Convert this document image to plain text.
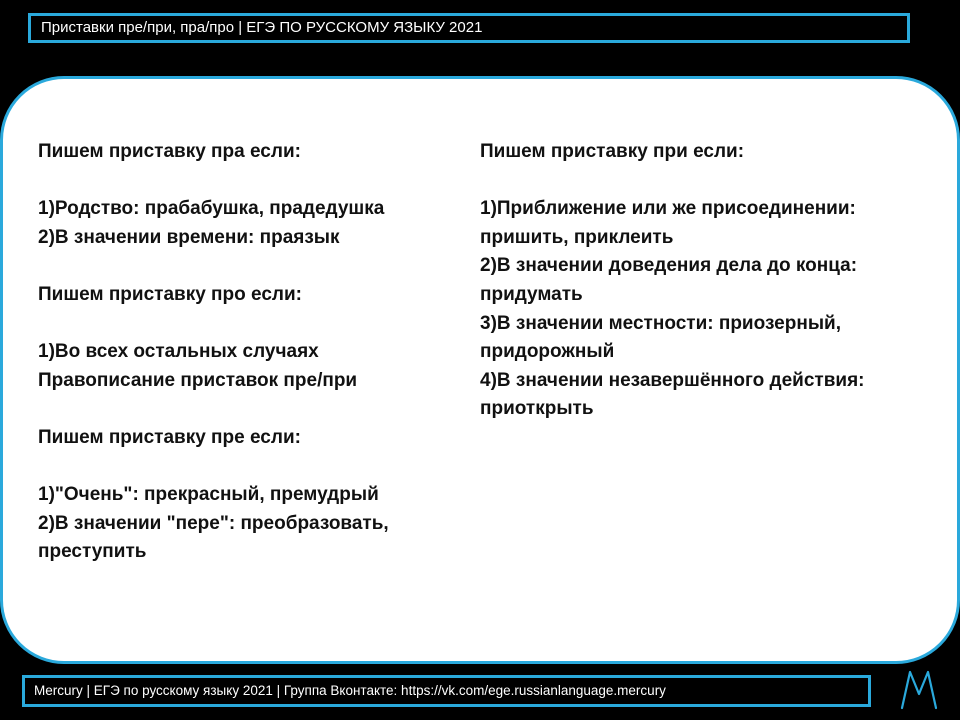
Приставки пре/при, пра/про | ЕГЭ ПО РУССКОМУ ЯЗЫКУ 2021
Пишем приставку пра если:
1)Родство: прабабушка, прадедушка
2)В значении времени: праязык
Пишем приставку про если:
1)Во всех остальных случаях
Правописание приставок пре/при
Пишем приставку пре если:
1)"Очень": прекрасный, премудрый
2)В значении "пере": преобразовать,
преступить
Пишем приставку при если:
1)Приближение или же присоединении:
пришить, приклеить
2)В значении доведения дела до конца:
придумать
3)В значении местности: приозерный,
придорожный
4)В значении незавершённого действия:
приоткрыть
Mercury | ЕГЭ по русскому языку 2021 | Группа Вконтакте: https://vk.com/ege.russianlanguage.mercury
